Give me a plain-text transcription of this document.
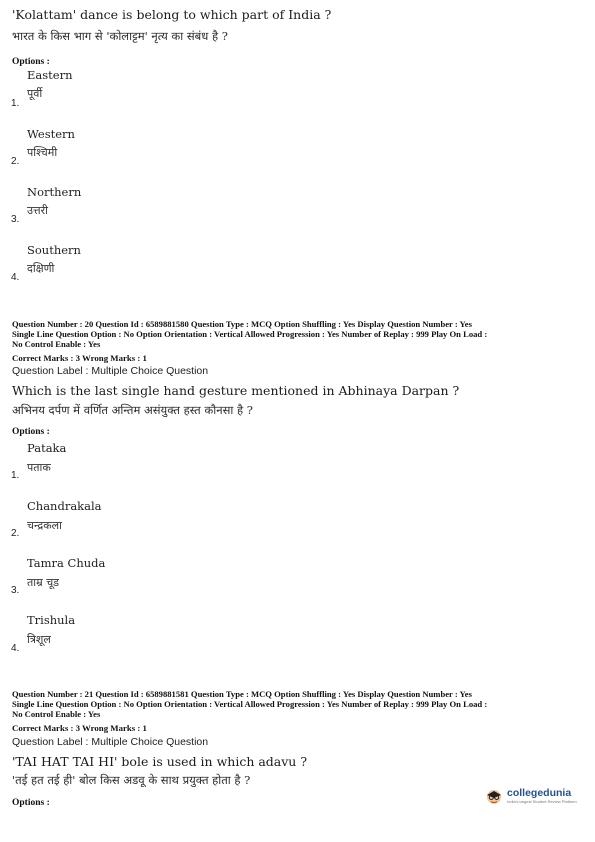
'Kolattam' dance is belong to which part of India ?
भारत के किस भाग से 'कोलाट्टम' नृत्य का संबंध है ?
Options :
Eastern
पूर्वी
1.
Western
पश्चिमी
2.
Northern
उत्तरी
3.
Southern
दक्षिणी
4.
Question Number : 20 Question Id : 6589881580 Question Type : MCQ Option Shuffling : Yes Display Question Number : Yes
Single Line Question Option : No Option Orientation : Vertical Allowed Progression : Yes Number of Replay : 999 Play On Load :
No Control Enable : Yes
Correct Marks : 3 Wrong Marks : 1
Question Label : Multiple Choice Question
Which is the last single hand gesture mentioned in Abhinaya Darpan ?
अभिनय दर्पण में वर्णित अन्तिम असंयुक्त हस्त कौनसा है ?
Options :
Pataka
पताक
1.
Chandrakala
चन्द्रकला
2.
Tamra Chuda
ताम्र चूड
3.
Trishula
त्रिशूल
4.
Question Number : 21 Question Id : 6589881581 Question Type : MCQ Option Shuffling : Yes Display Question Number : Yes
Single Line Question Option : No Option Orientation : Vertical Allowed Progression : Yes Number of Replay : 999 Play On Load :
No Control Enable : Yes
Correct Marks : 3 Wrong Marks : 1
Question Label : Multiple Choice Question
'TAI HAT TAI HI' bole is used in which adavu ?
'तई हत तई ही' बोल किस अडवू के साथ प्रयुक्त होता है ?
Options :
collegedunia
India's largest Student Review Platform
